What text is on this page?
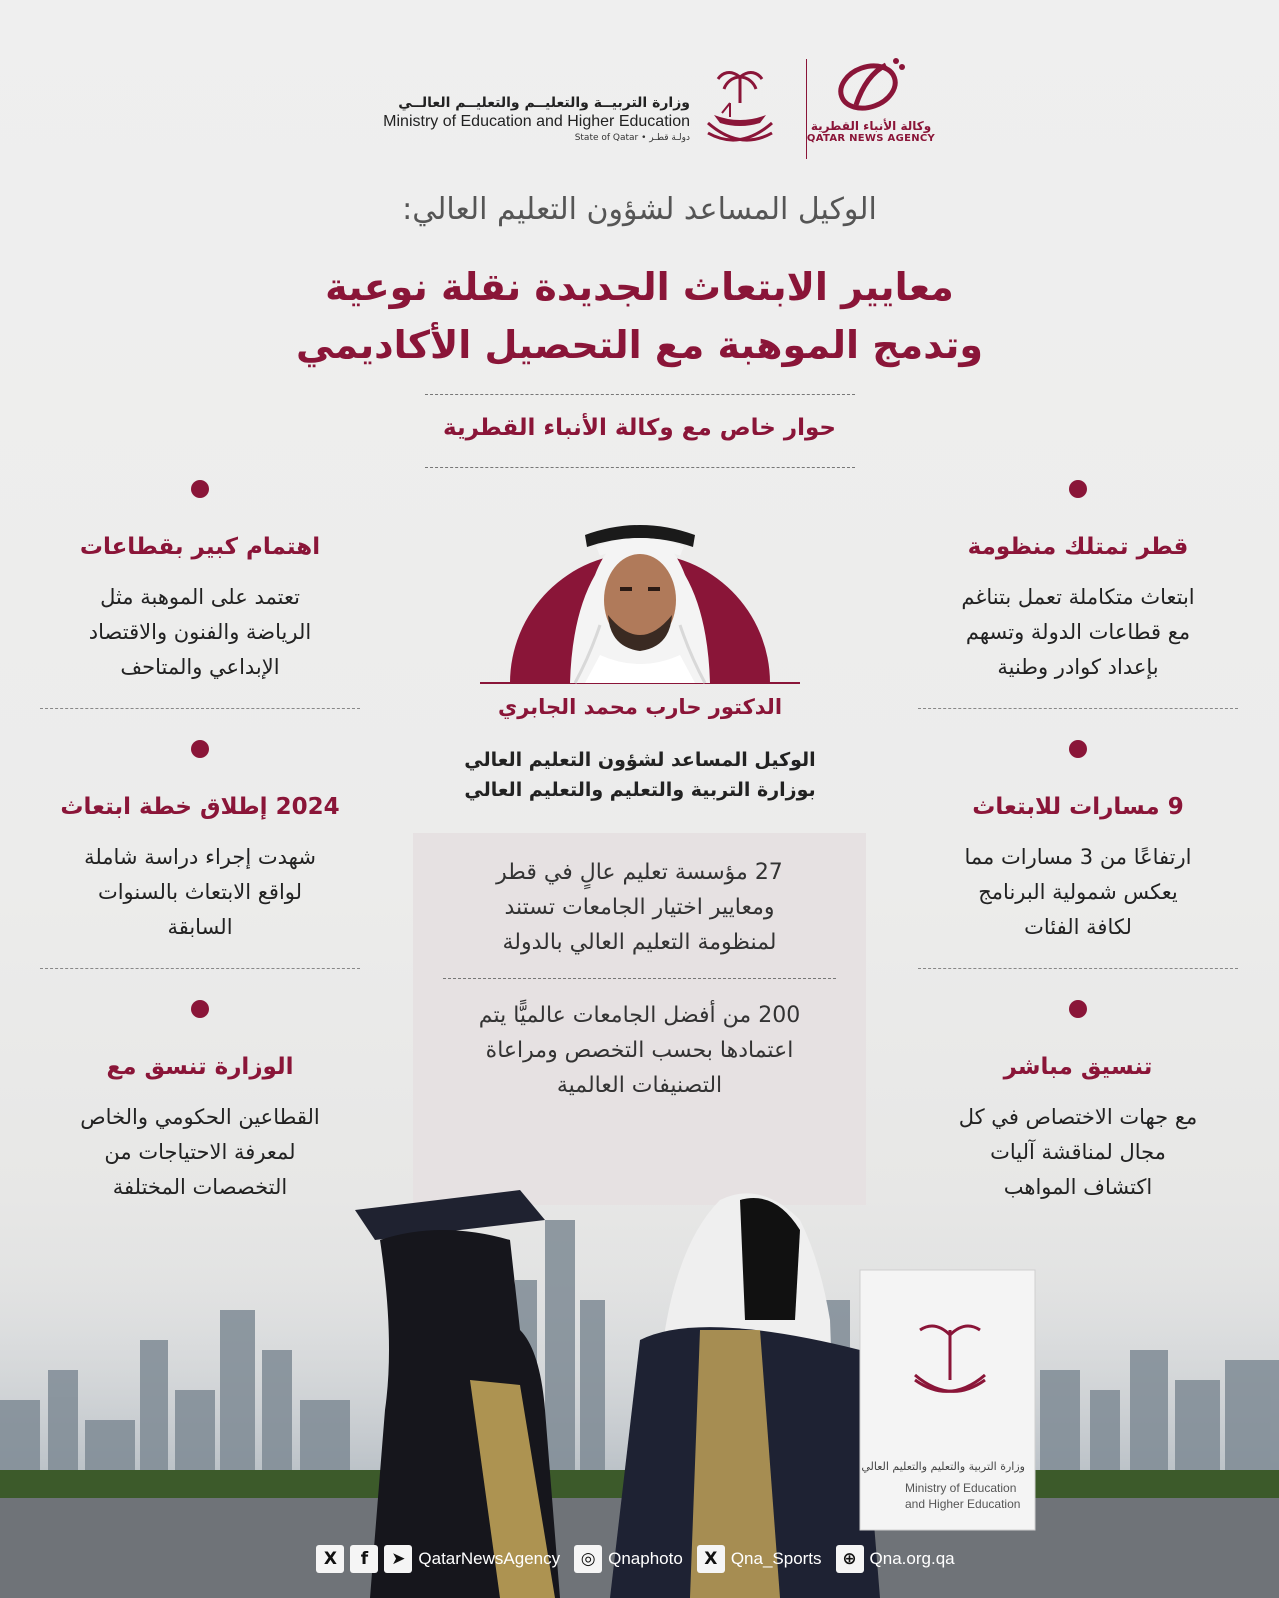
وزارة التربيــة والتعليــم والتعليــم العالــي
Ministry of Education and Higher Education
State of Qatar • دولـة قطـر
وكالة الأنباء القطرية
QATAR NEWS AGENCY
الوكيل المساعد لشؤون التعليم العالي:
معايير الابتعاث الجديدة نقلة نوعية
وتدمج الموهبة مع التحصيل الأكاديمي
حوار خاص مع وكالة الأنباء القطرية
قطر تمتلك منظومة
ابتعاث متكاملة تعمل بتناغم
مع قطاعات الدولة وتسهم
بإعداد كوادر وطنية
9 مسارات للابتعاث
ارتفاعًا من 3 مسارات مما
يعكس شمولية البرنامج
لكافة الفئات
تنسيق مباشر
مع جهات الاختصاص في كل
مجال لمناقشة آليات
اكتشاف المواهب
اهتمام كبير بقطاعات
تعتمد على الموهبة مثل
الرياضة والفنون والاقتصاد
الإبداعي والمتاحف
2024 إطلاق خطة ابتعاث
شهدت إجراء دراسة شاملة
لواقع الابتعاث بالسنوات
السابقة
الوزارة تنسق مع
القطاعين الحكومي والخاص
لمعرفة الاحتياجات من
التخصصات المختلفة
الدكتور حارب محمد الجابري
الوكيل المساعد لشؤون التعليم العالي
بوزارة التربية والتعليم والتعليم العالي
27 مؤسسة تعليم عالٍ في قطر
ومعايير اختيار الجامعات تستند
لمنظومة التعليم العالي بالدولة
200 من أفضل الجامعات عالميًّا يتم
اعتمادها بحسب التخصص ومراعاة
التصنيفات العالمية
وزارة التربية والتعليم والتعليم العالي
Ministry of Education
and Higher Education
X	f	➤ QatarNewsAgency	◎ Qnaphoto	X Qna_Sports	⊕ Qna.org.qa
